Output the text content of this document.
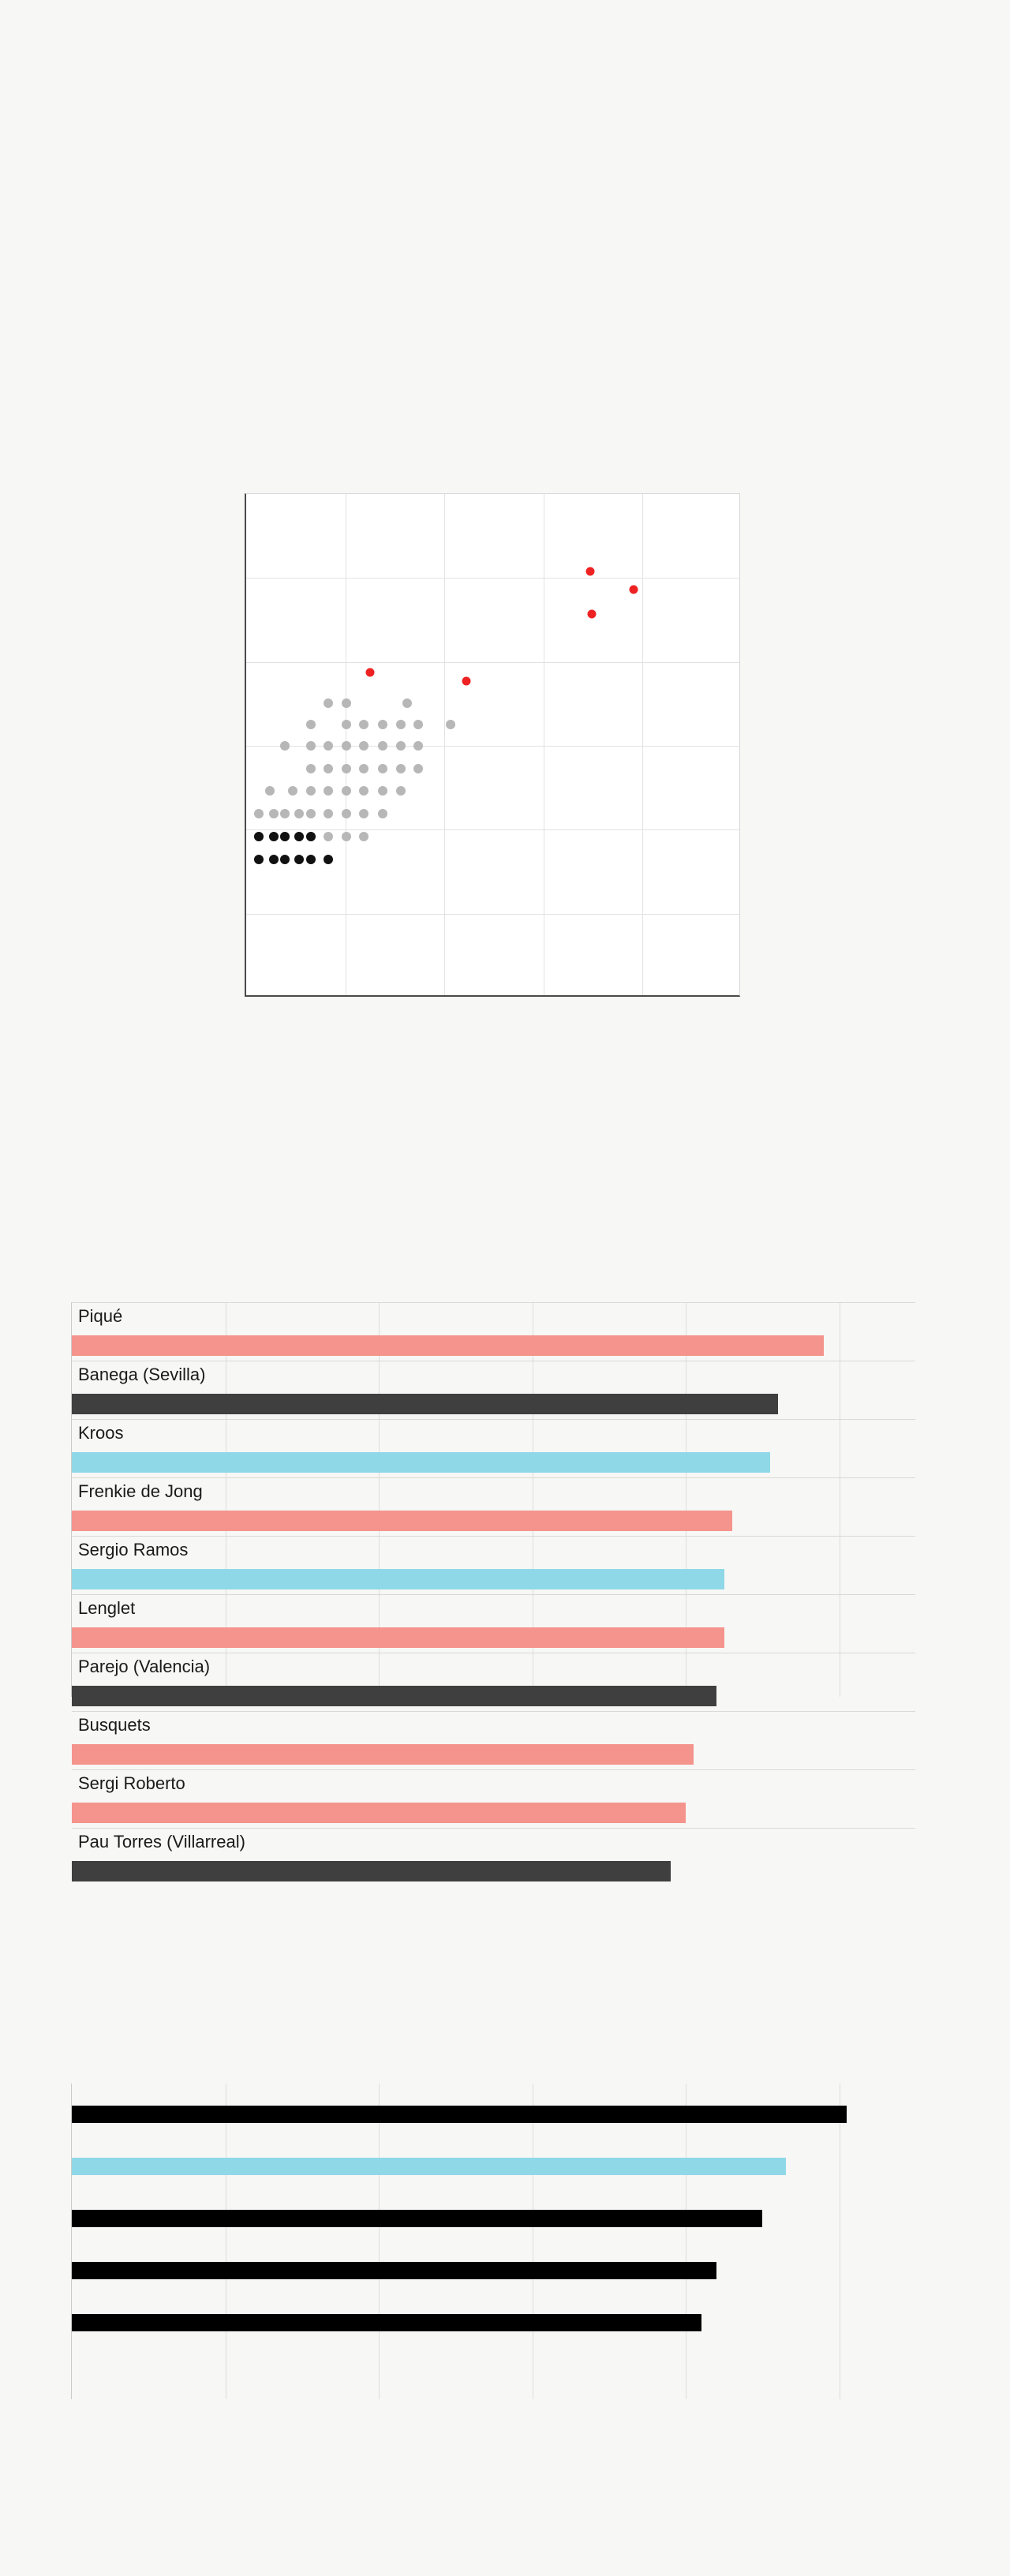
Piqué
Banega (Sevilla)
Kroos
Frenkie de Jong
Sergio Ramos
Lenglet
Parejo (Valencia)
Busquets
Sergi Roberto
Pau Torres (Villarreal)
